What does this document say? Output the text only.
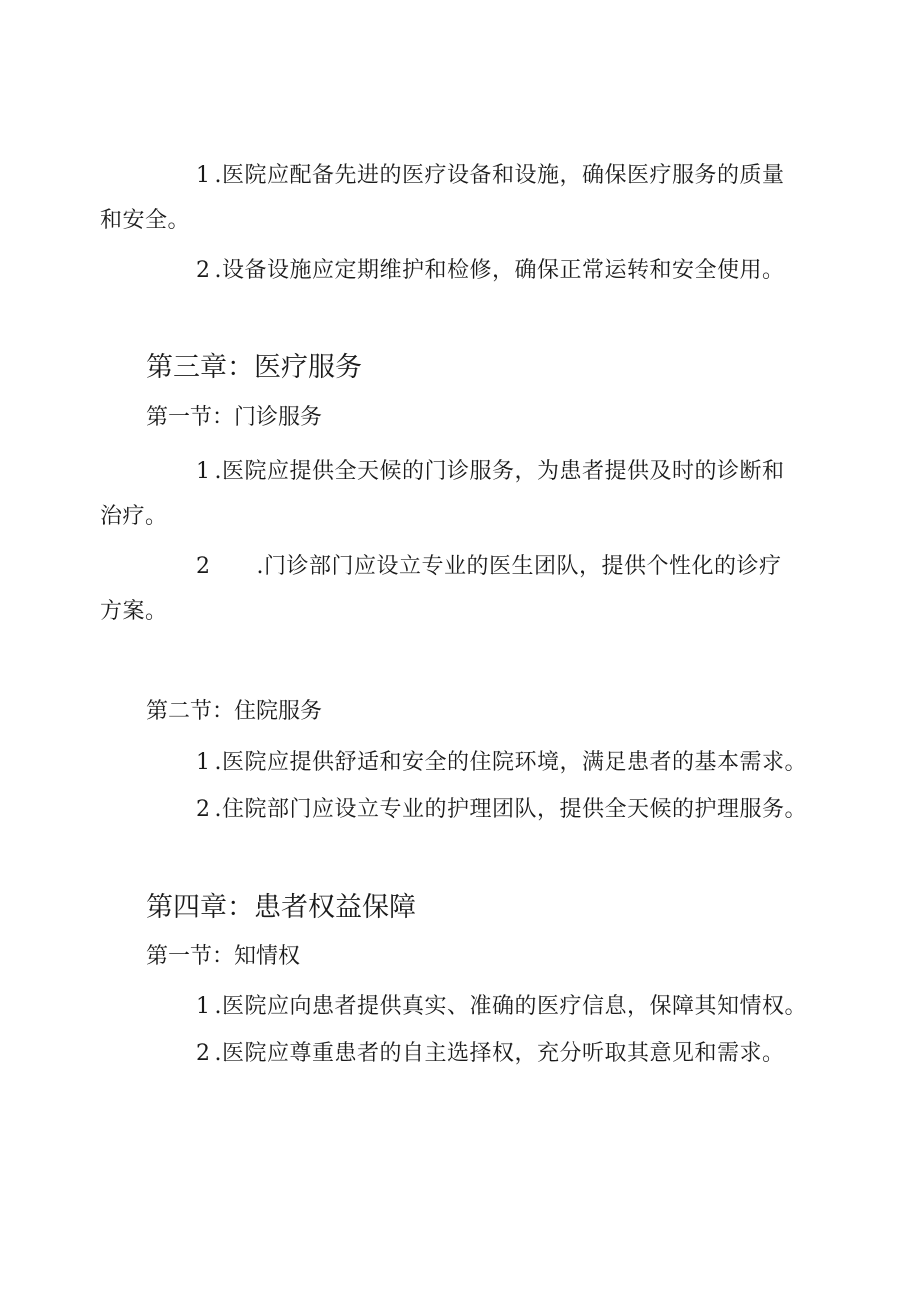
1 .医院应配备先进的医疗设备和设施，确保医疗服务的质量和安全。

2 .设备设施应定期维护和检修，确保正常运转和安全使用。

第三章：医疗服务
第一节：门诊服务

1 .医院应提供全天候的门诊服务，为患者提供及时的诊断和治疗。

2 .门诊部门应设立专业的医生团队，提供个性化的诊疗方案。

第二节：住院服务

1 .医院应提供舒适和安全的住院环境，满足患者的基本需求。

2 .住院部门应设立专业的护理团队，提供全天候的护理服务。

第四章：患者权益保障
第一节：知情权

1 .医院应向患者提供真实、准确的医疗信息，保障其知情权。

2 .医院应尊重患者的自主选择权，充分听取其意见和需求。
